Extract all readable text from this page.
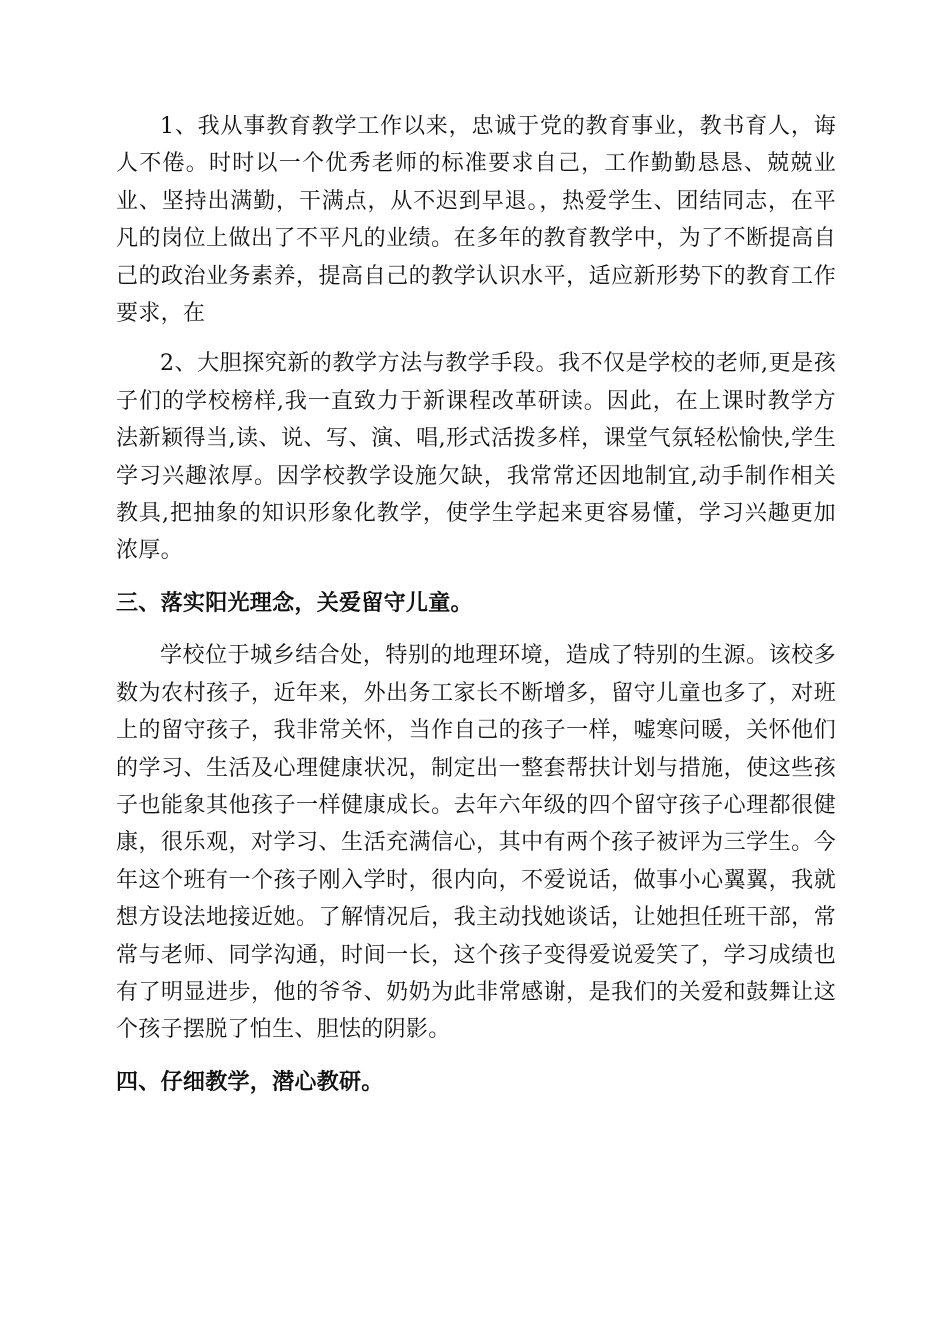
1、我从事教育教学工作以来，忠诚于党的教育事业，教书育人，诲人不倦。时时以一个优秀老师的标准要求自己，工作勤勤恳恳、兢兢业业、坚持出满勤，干满点，从不迟到早退。，热爱学生、团结同志，在平凡的岗位上做出了不平凡的业绩。在多年的教育教学中，为了不断提高自己的政治业务素养，提高自己的教学认识水平，适应新形势下的教育工作要求，在

2、大胆探究新的教学方法与教学手段。我不仅是学校的老师,更是孩子们的学校榜样,我一直致力于新课程改革研读。因此，在上课时教学方法新颖得当,读、说、写、演、唱,形式活拨多样，课堂气氛轻松愉快,学生学习兴趣浓厚。因学校教学设施欠缺，我常常还因地制宜,动手制作相关教具,把抽象的知识形象化教学，使学生学起来更容易懂，学习兴趣更加浓厚。

三、落实阳光理念，关爱留守儿童。

学校位于城乡结合处，特别的地理环境，造成了特别的生源。该校多数为农村孩子，近年来，外出务工家长不断增多，留守儿童也多了，对班上的留守孩子，我非常关怀，当作自己的孩子一样，嘘寒问暖，关怀他们的学习、生活及心理健康状况，制定出一整套帮扶计划与措施，使这些孩子也能象其他孩子一样健康成长。去年六年级的四个留守孩子心理都很健康，很乐观，对学习、生活充满信心，其中有两个孩子被评为三学生。今年这个班有一个孩子刚入学时，很内向，不爱说话，做事小心翼翼，我就想方设法地接近她。了解情况后，我主动找她谈话，让她担任班干部，常常与老师、同学沟通，时间一长，这个孩子变得爱说爱笑了，学习成绩也有了明显进步，他的爷爷、奶奶为此非常感谢，是我们的关爱和鼓舞让这个孩子摆脱了怕生、胆怯的阴影。

四、仔细教学，潜心教研。
